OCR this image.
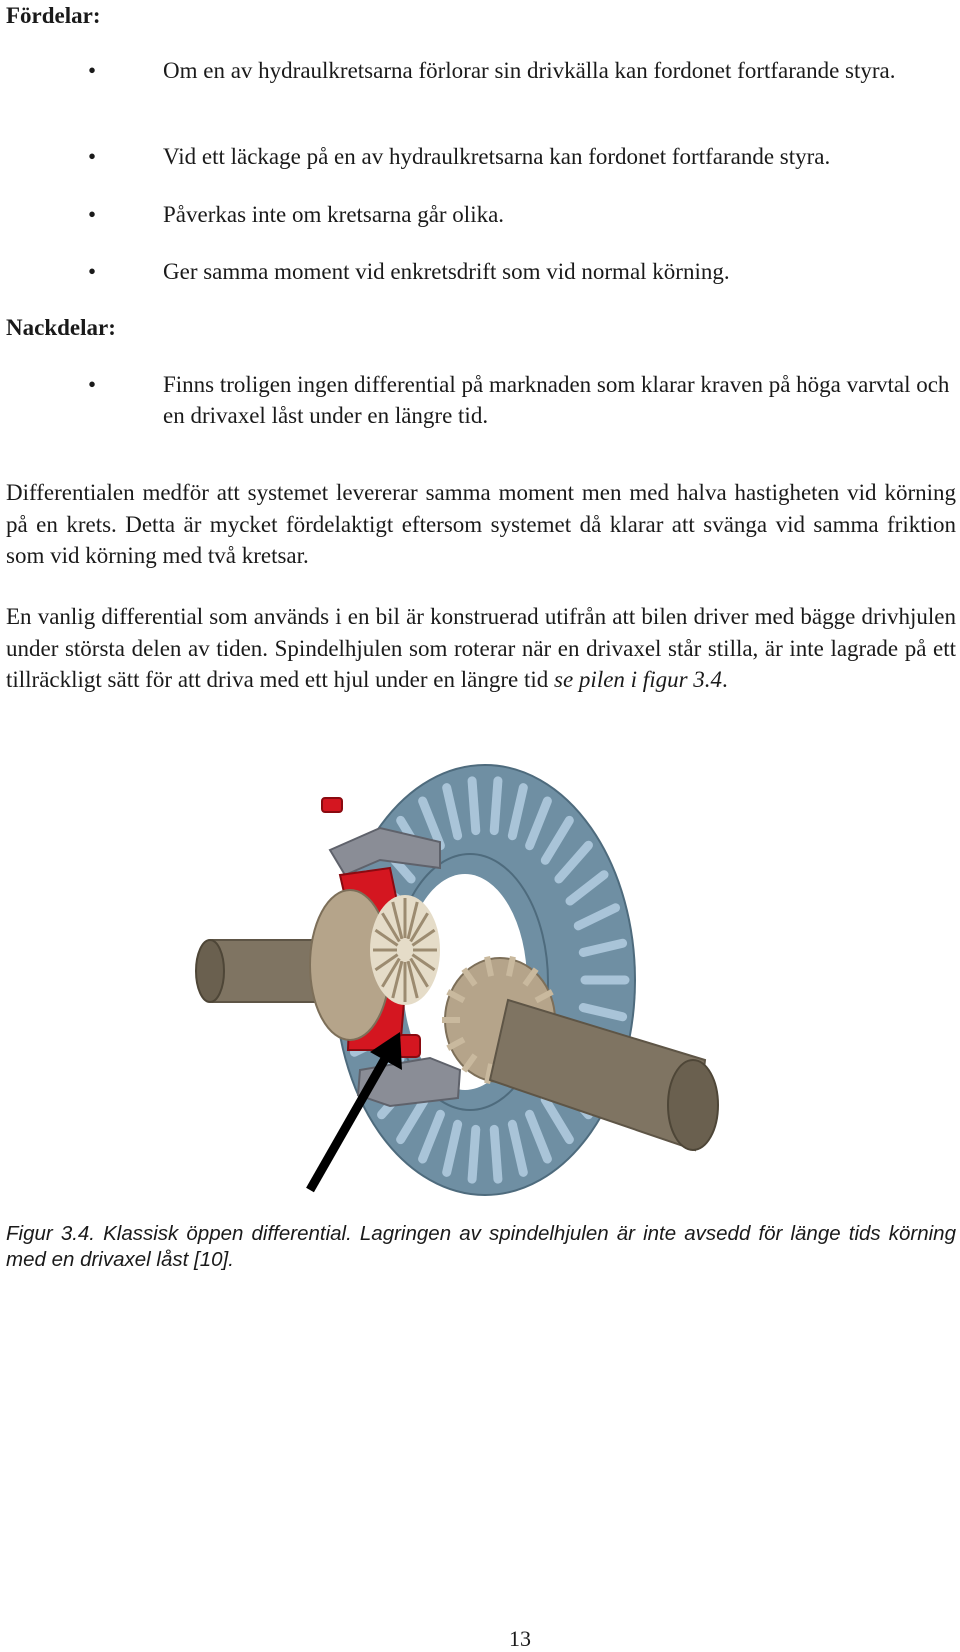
Fördelar:
•	Om en av hydraulkretsarna förlorar sin drivkälla kan fordonet fortfarande styra.
•	Vid ett läckage på en av hydraulkretsarna kan fordonet fortfarande styra.
•	Påverkas inte om kretsarna går olika.
•	Ger samma moment vid enkretsdrift som vid normal körning.
Nackdelar:
•	Finns troligen ingen differential på marknaden som klarar kraven på höga varvtal och en drivaxel låst under en längre tid.

Differentialen medför att systemet levererar samma moment men med halva hastigheten vid körning på en krets. Detta är mycket fördelaktigt eftersom systemet då klarar att svänga vid samma friktion som vid körning med två kretsar.

En vanlig differential som används i en bil är konstruerad utifrån att bilen driver med bägge drivhjulen under största delen av tiden. Spindelhjulen som roterar när en drivaxel står stilla, är inte lagrade på ett tillräckligt sätt för att driva med ett hjul under en längre tid se pilen i figur 3.4.

Figur 3.4. Klassisk öppen differential. Lagringen av spindelhjulen är inte avsedd för länge tids körning med en drivaxel låst [10].

13
